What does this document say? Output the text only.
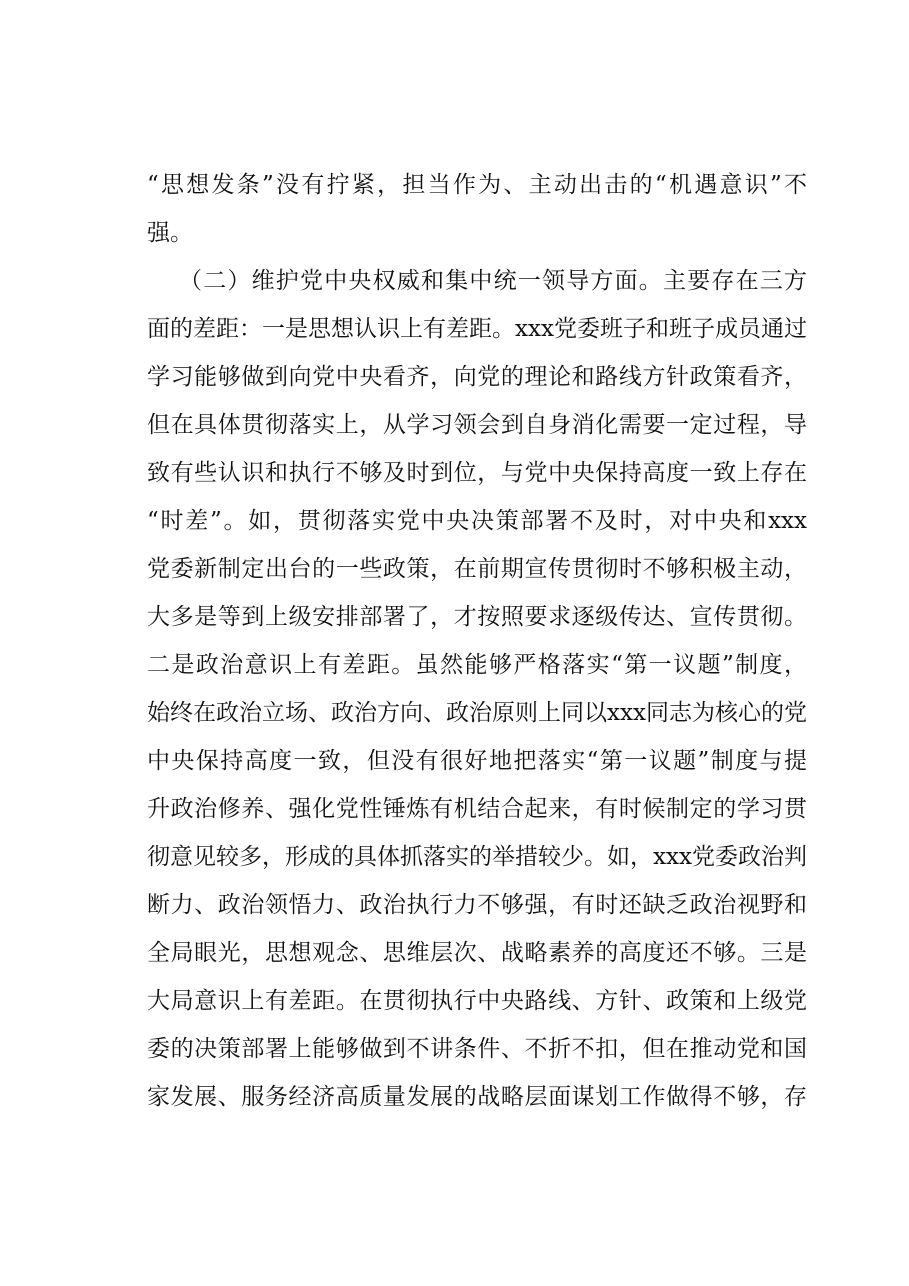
“思想发条”没有拧紧，担当作为、主动出击的“机遇意识”不
强。
（二）维护党中央权威和集中统一领导方面。主要存在三方
面的差距：一是思想认识上有差距。xxx党委班子和班子成员通过
学习能够做到向党中央看齐，向党的理论和路线方针政策看齐，
但在具体贯彻落实上，从学习领会到自身消化需要一定过程，导
致有些认识和执行不够及时到位，与党中央保持高度一致上存在
“时差”。如，贯彻落实党中央决策部署不及时，对中央和xxx
党委新制定出台的一些政策，在前期宣传贯彻时不够积极主动，
大多是等到上级安排部署了，才按照要求逐级传达、宣传贯彻。
二是政治意识上有差距。虽然能够严格落实“第一议题”制度，
始终在政治立场、政治方向、政治原则上同以xxx同志为核心的党
中央保持高度一致，但没有很好地把落实“第一议题”制度与提
升政治修养、强化党性锤炼有机结合起来，有时候制定的学习贯
彻意见较多，形成的具体抓落实的举措较少。如，xxx党委政治判
断力、政治领悟力、政治执行力不够强，有时还缺乏政治视野和
全局眼光，思想观念、思维层次、战略素养的高度还不够。三是
大局意识上有差距。在贯彻执行中央路线、方针、政策和上级党
委的决策部署上能够做到不讲条件、不折不扣，但在推动党和国
家发展、服务经济高质量发展的战略层面谋划工作做得不够，存
